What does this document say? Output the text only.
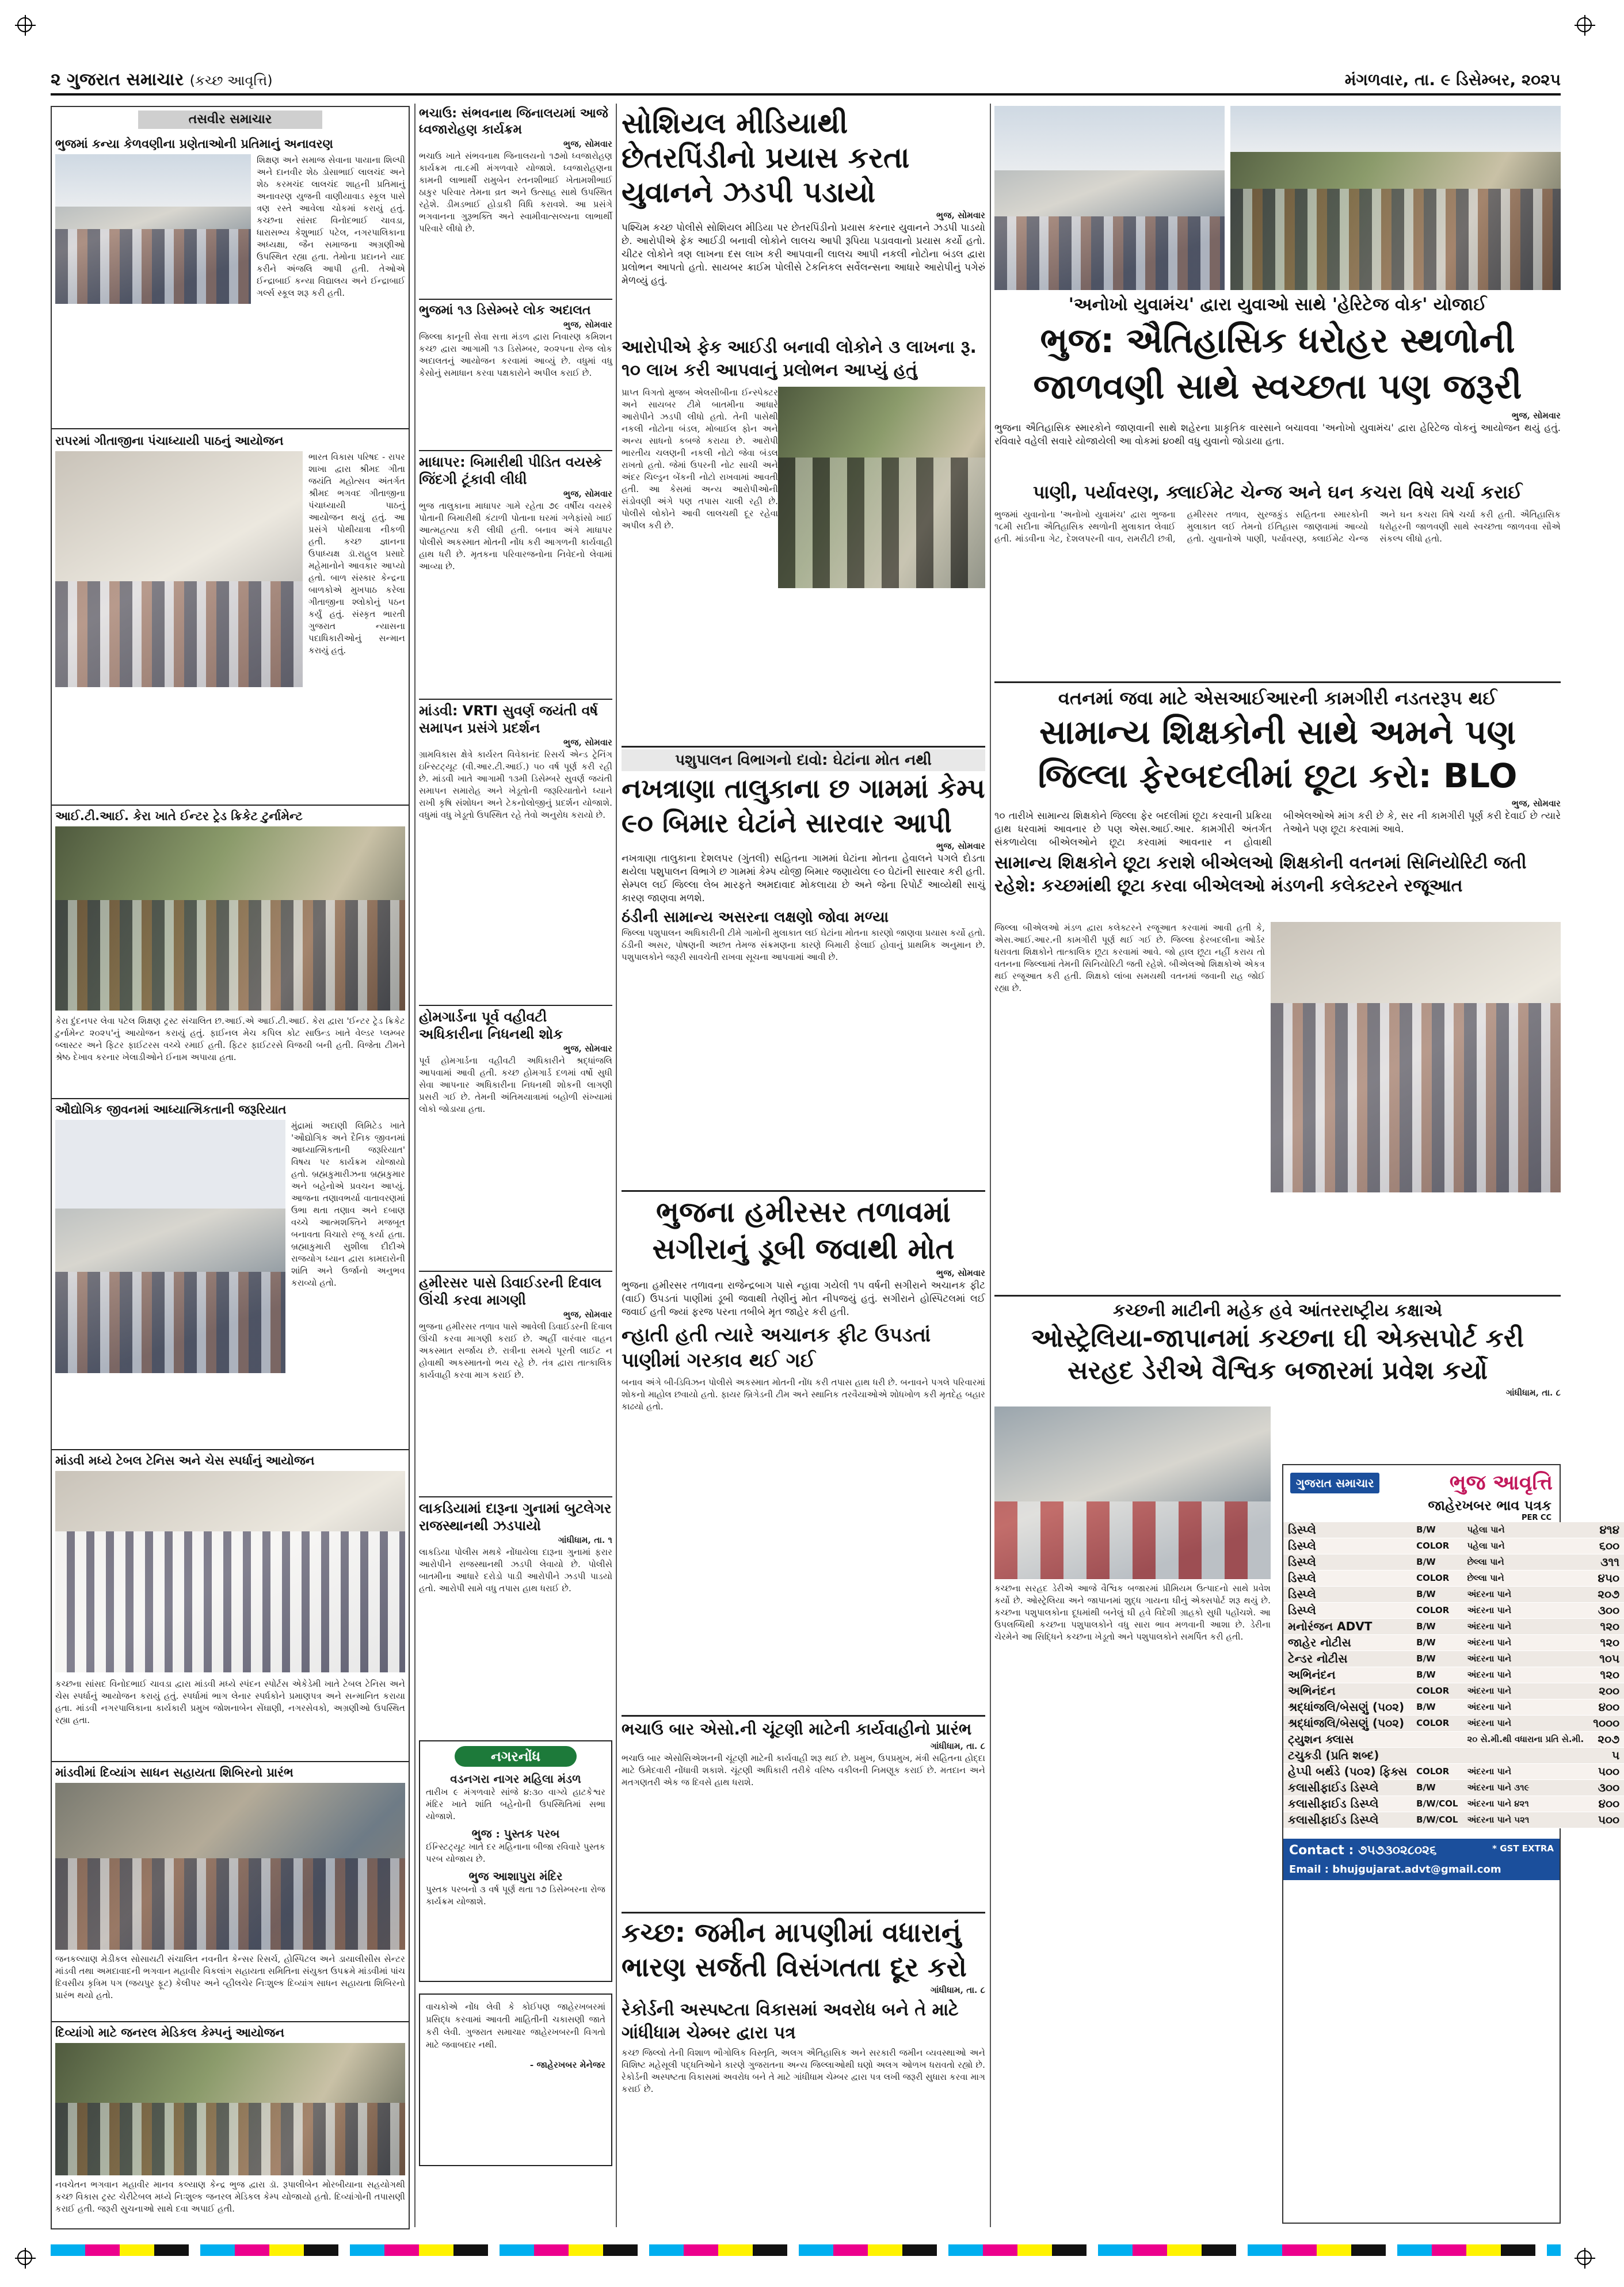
૨ ગુજરાત સમાચાર (કચ્છ આવૃત્તિ)	મંગળવાર, તા. ૯ ડિસેમ્બર, ૨૦૨૫
તસવીર સમાચાર
ભુજમાં કન્યા કેળવણીના પ્રણેતાઓની પ્રતિમાનું અનાવરણ
શિક્ષણ અને સમાજ સેવાના પાયાના શિલ્પી અને દાનવીર શેઠ ડોસાભાઈ લાલચંદ અને શેઠ કરમચંદ લાલચંદ શાહની પ્રતિમાનું અનાવરણ યુજની વાણીયાવાડ સ્કૂલ પાસે ત્રણ રસ્તે આવેલા ચોકમાં કરાયું હતું. કચ્છના સાંસદ વિનોદભાઈ ચાવડા, ધારાસભ્ય કેશુભાઈ પટેલ, નગરપાલિકાના અધ્યક્ષા, જૈન સમાજના અગ્રણીઓ ઉપસ્થિત રહ્યા હતા. તેમોના પ્રદાનને યાદ કરીને અંજલિ આપી હતી. તેઓએ ઈન્દ્રાબાઈ કન્યા વિદ્યાલય અને ઈન્દ્રાબાઈ ગર્લ્સ સ્કૂલ શરૂ કરી હતી.
રાપરમાં ગીતાજીના પંચાધ્યાયી પાઠનું આયોજન
ભારત વિકાસ પરિષદ - રાપર શાખા દ્વારા શ્રીમદ ગીતા જયંતિ મહોત્સવ અંતર્ગત શ્રીમદ ભગવદ ગીતાજીના પંચાધ્યાયી પાઠનું આયોજન થયું હતું. આ પ્રસંગે પોથીયાત્રા નીકળી હતી. કચ્છ જ્ઞાનના ઉપાધ્યક્ષ ડૉ.રાહુલ પ્રસાદે મહેમાનોને આવકાર આપ્યો હતો. બાળ સંસ્કાર કેન્દ્રના બાળકોએ મુખપાઠ કરેલા ગીતાજીના શ્લોકોનું પઠન કર્યું હતું. સંસ્કૃત ભારતી ગુજરાત ન્યાસના પદાધિકારીઓનું સન્માન કરાયું હતું.
આઈ.ટી.આઈ. કેરા ખાતે ઈન્ટર ટ્રેડ ક્રિકેટ ટુર્નામેન્ટ
કેરા દુંદનપર લેવા પટેલ શિક્ષણ ટ્રસ્ટ સંચાલિત છ.આઈ.એ આઈ.ટી.આઈ. કેરા દ્વારા 'ઈન્ટર ટ્રેડ ક્રિકેટ ટુર્નામેન્ટ ૨૦૨૫'નું આયોજન કરાયું હતું. ફાઈનલ મેચ કપિલ કોટ સાઉન્ડ ખાતે વેલ્ડર પ્લમ્બર બ્લાસ્ટર અને ફિટર ફાઈટરસ વચ્ચે રમાઈ હતી. ફિટર ફાઈટરસે વિજયી બની હતી. વિજેતા ટીમને શ્રેષ્ઠ દેખાવ કરનાર ખેલાડીઓને ઈનામ અપાયા હતા.
ઔદ્યોગિક જીવનમાં આધ્યાત્મિકતાની જરૂરિયાત
મુંદ્રામાં અદાણી લિમિટેડ ખાતે 'ઔદ્યોગિક અને દૈનિક જીવનમાં આધ્યાત્મિકતાની જરૂરિયાત' વિષય પર કાર્યક્રમ યોજાયો હતો. બ્રહ્મકુમારીઝના બ્રહ્મકુમાર અને બહેનોએ પ્રવચન આપ્યું. આજના તણાવભર્યા વાતાવરણમાં ઉભા થતા તણાવ અને દબાણ વચ્ચે આત્મશક્તિને મજબૂત બનાવતા વિચારો રજૂ કર્યા હતા. બ્રહ્માકુમારી સુશીલા દીદીએ રાજયોગ ધ્યાન દ્વારા કામદારોની શાંતિ અને ઉર્જાનો અનુભવ કરાવ્યો હતો.
માંડવી મધ્યે ટેબલ ટેનિસ અને ચેસ સ્પર્ધાનું આયોજન
કચ્છના સાંસદ વિનોદભાઈ ચાવડા દ્વારા માંડવી મધ્યે સ્પંદન સ્પોર્ટસ એકેડેમી ખાતે ટેબલ ટેનિસ અને ચેસ સ્પર્ધાનું આયોજન કરાયું હતું. સ્પર્ધામાં ભાગ લેનાર સ્પર્ધકોને પ્રમાણપત્ર અને સન્માનિત કરાયા હતા. માંડવી નગરપાલિકાના કાર્યકારી પ્રમુખ જોશનાબેન સેંઘાણી, નગરસેવકો, અગ્રણીઓ ઉપસ્થિત રહ્યા હતા.
માંડવીમાં દિવ્યાંગ સાધન સહાયતા શિબિરનો પ્રારંભ
જનકલ્યાણ મેડીકલ સોસાયટી સંચાલિત નવનીત કેન્સર રિસર્ચ, હોસ્પિટલ અને ડાયાલીસીસ સેન્ટર માંડવી તથા અમદાવાદની ભગવાન મહાવીર વિકલાંગ સહાયતા સમિતિના સંયુક્ત ઉપક્રમે માંડવીમાં પાંચ દિવસીય કૃત્રિમ પગ (જયપુર ફૂટ) કેલીપર અને વ્હીલચેર નિઃશુલ્ક દિવ્યાંગ સાધન સહાયતા શિબિરનો પ્રારંભ થયો હતો.
દિવ્યાંગો માટે જનરલ મેડિકલ કેમ્પનું આયોજન
નવચેતન ભગવાન મહાવીર માનવ કલ્યાણ કેન્દ્ર ભુજ દ્વારા ડૉ. રૂપાલીબેન મોરબીયાના સહયોગથી કચ્છ વિકાસ ટ્રસ્ટ ચેરીટેબલ મધ્યે નિઃશુલ્ક જનરલ મેડિકલ કેમ્પ યોજાયો હતો. દિવ્યાંગોની તપાસણી કરાઈ હતી. જરૂરી સુચનાઓ સાથે દવા અપાઈ હતી.
ભચાઉ: સંભવનાથ જિનાલયમાં આજે ધ્વજારોહણ કાર્યક્રમ
ભુજ, સોમવાર
ભચાઉ ખાતે સંભવનાથ જિનાલયનો ૧૭મો ધ્વજારોહણ કાર્યક્રમ તા.૯મી મંગળવારે યોજાશે. ધ્વજારોહણના કામની લાભાર્થી રામુબેન રતનશીભાઈ ખેતામશીભાઈ ઠાકુર પરિવાર તેમના વ્રત અને ઉત્સાહ સાથે ઉપસ્થિત રહેશે. ડીમડભાઈ હોડાકી વિધિ કરાવશે. આ પ્રસંગે ભગવાનના ગુરૂભક્તિ અને સ્વામીવાત્સલ્યના લાભાર્થી પરિવારે લીધો છે.
ભુજમાં ૧૩ ડિસેમ્બરે લોક અદાલત
ભુજ, સોમવાર
જિલ્લા કાનૂની સેવા સત્તા મંડળ દ્વારા નિવારણ કમિશન કચ્છ દ્વારા આગામી ૧૩ ડિસેમ્બર, ૨૦૨૫ના રોજ લોક અદાલતનું આયોજન કરવામાં આવ્યું છે. વધુમાં વધુ કેસોનું સમાધાન કરવા પક્ષકારોને અપીલ કરાઈ છે.
માધાપર: બિમારીથી પીડિત વયસ્કે જિંદગી ટૂંકાવી લીધી
ભુજ, સોમવાર
ભુજ તાલુકાના માધાપર ગામે રહેતા ૭૯ વર્ષીય વયસ્કે પોતાની બિમારીથી કંટાળી પોતાના ઘરમાં ગળેફાંસો ખાઈ આત્મહત્યા કરી લીધી હતી. બનાવ અંગે માધાપર પોલીસે અકસ્માત મોતની નોંધ કરી આગળની કાર્યવાહી હાથ ધરી છે. મૃતકના પરિવારજનોના નિવેદનો લેવામાં આવ્યા છે.
માંડવી: VRTI સુવર્ણ જયંતી વર્ષ સમાપન પ્રસંગે પ્રદર્શન
ભુજ, સોમવાર
ગ્રામવિકાસ ક્ષેત્રે કાર્યરત વિવેકાનંદ રિસર્ચ એન્ડ ટ્રેનિંગ ઇન્સ્ટિટ્યૂટ (વી.આર.ટી.આઈ.) ૫૦ વર્ષ પૂર્ણ કરી રહી છે. માંડવી ખાતે આગામી ૧૩મી ડિસેમ્બરે સુવર્ણ જયંતી સમાપન સમારોહ અને ખેડૂતોની જરૂરિયાતોને ધ્યાને રાખી કૃષિ સંશોધન અને ટેકનોલોજીનું પ્રદર્શન યોજાશે. વધુમાં વધુ ખેડૂતો ઉપસ્થિત રહે તેવો અનુરોધ કરાયો છે.
હોમગાર્ડના પૂર્વ વહીવટી અધિકારીના નિધનથી શોક
ભુજ, સોમવાર
પૂર્વ હોમગાર્ડના વહીવટી અધિકારીને શ્રદ્ધાંજલિ આપવામાં આવી હતી. કચ્છ હોમગાર્ડ દળમાં વર્ષો સુધી સેવા આપનાર અધિકારીના નિધનથી શોકની લાગણી પ્રસરી ગઈ છે. તેમની અંતિમયાત્રામાં બહોળી સંખ્યામાં લોકો જોડાયા હતા.
હમીરસર પાસે ડિવાઈડરની દિવાલ ઊંચી કરવા માગણી
ભુજ, સોમવાર
ભુજના હમીરસર તળાવ પાસે આવેલી ડિવાઈડરની દિવાલ ઊંચી કરવા માગણી કરાઈ છે. અહીં વારંવાર વાહન અકસ્માત સર્જાય છે. રાત્રીના સમયે પૂરતી લાઈટ ન હોવાથી અકસ્માતનો ભય રહે છે. તંત્ર દ્વારા તાત્કાલિક કાર્યવાહી કરવા માગ કરાઈ છે.
લાકડિયામાં દારૂના ગુનામાં બુટલેગર રાજસ્થાનથી ઝડપાયો
ગાંધીધામ, તા. ૧
લાકડિયા પોલીસ મથકે નોંધાયેલા દારૂના ગુનામાં ફરાર આરોપીને રાજસ્થાનથી ઝડપી લેવાયો છે. પોલીસે બાતમીના આધારે દરોડો પાડી આરોપીને ઝડપી પાડયો હતો. આરોપી સામે વધુ તપાસ હાથ ધરાઈ છે.
નગરનોંધ
વડનગરા નાગર મહિલા મંડળ
તારીખ ૯ મંગળવારે સાંજે ૪:૩૦ વાગ્યે હાટકેશ્વર મંદિર ખાતે શાંતિ બહેનોની ઉપસ્થિતિમાં સભા યોજાશે.
ભુજ : પુસ્તક પરબ
ઈન્સ્ટિટ્યૂટ ખાતે દર મહિનાના બીજા રવિવારે પુસ્તક પરબ યોજાય છે.
ભુજ આશાપુરા મંદિર
પુસ્તક પરબનો ૩ વર્ષ પૂર્ણ થતા ૧૭ ડિસેમ્બરના રોજ કાર્યક્રમ યોજાશે.
વાચકોએ નોંધ લેવી કે કોઈપણ જાહેરખબરમાં પ્રસિદ્ધ કરવામાં આવતી માહિતીની ચકાસણી જાતે કરી લેવી. ગુજરાત સમાચાર જાહેરખબરની વિગતો માટે જવાબદાર નથી.
- જાહેરખબર મેનેજર
સોશિયલ મીડિયાથી છેતરપિંડીનો પ્રયાસ કરતા યુવાનને ઝડપી પડાયો
ભુજ, સોમવાર
પશ્ચિમ કચ્છ પોલીસે સોશિયલ મીડિયા પર છેતરપિંડીનો પ્રયાસ કરનાર યુવાનને ઝડપી પાડયો છે. આરોપીએ ફેક આઈડી બનાવી લોકોને લાલચ આપી રૂપિયા પડાવવાનો પ્રયાસ કર્યો હતો. ચીટર લોકોને ત્રણ લાખના દસ લાખ કરી આપવાની લાલચ આપી નકલી નોટોના બંડલ દ્વારા પ્રલોભન આપતો હતો. સાયબર ક્રાઈમ પોલીસે ટેકનિકલ સર્વેલન્સના આધારે આરોપીનું પગેરું મેળવ્યું હતું.
આરોપીએ ફેક આઈડી બનાવી લોકોને ૩ લાખના રૂ. ૧૦ લાખ કરી આપવાનું પ્રલોભન આપ્યું હતું
પ્રાપ્ત વિગતો મુજબ એલસીબીના ઈન્સ્પેક્ટર અને સાયબર ટીમે બાતમીના આધારે આરોપીને ઝડપી લીધો હતો. તેની પાસેથી નકલી નોટોના બંડલ, મોબાઈલ ફોન અને અન્ય સાધનો કબજે કરાયા છે. આરોપી ભારતીય ચલણની નકલી નોટો જેવા બંડલ રાખતો હતો. જેમાં ઉપરની નોટ સાચી અને અંદર ચિલ્ડ્રન બેંકની નોટો રાખવામાં આવતી હતી. આ કેસમાં અન્ય આરોપીઓની સંડોવણી અંગે પણ તપાસ ચાલી રહી છે. પોલીસે લોકોને આવી લાલચથી દૂર રહેવા અપીલ કરી છે.
પશુપાલન વિભાગનો દાવો: ઘેટાંના મોત નથી
નખત્રાણા તાલુકાના છ ગામમાં કેમ્પ ૯૦ બિમાર ઘેટાંને સારવાર આપી
ભુજ, સોમવાર
નખત્રાણા તાલુકાના દેશલપર (ગુંતલી) સહિતના ગામમાં ઘેટાંના મોતના હેવાલને પગલે દોડતા થયેલા પશુપાલન વિભાગે છ ગામમાં કેમ્પ યોજી બિમાર જણાયેલા ૯૦ ઘેટાંની સારવાર કરી હતી. સેમ્પલ લઈ જિલ્લા લેબ મારફતે અમદાવાદ મોકલાયા છે અને જેના રિપોર્ટ આવ્યેથી સાચું કારણ જાણવા મળશે.
ઠંડીની સામાન્ય અસરના લક્ષણો જોવા મળ્યા
જિલ્લા પશુપાલન અધિકારીની ટીમે ગામોની મુલાકાત લઈ ઘેટાંના મોતના કારણો જાણવા પ્રયાસ કર્યો હતો. ઠંડીની અસર, પોષણની અછત તેમજ સંક્રમણના કારણે બિમારી ફેલાઈ હોવાનું પ્રાથમિક અનુમાન છે. પશુપાલકોને જરૂરી સાવચેતી રાખવા સૂચના આપવામાં આવી છે.
ભુજના હમીરસર તળાવમાં સગીરાનું ડૂબી જવાથી મોત
ભુજ, સોમવાર
ભુજના હમીરસર તળાવના રાજેન્દ્રબાગ પાસે ન્હાવા ગયેલી ૧૫ વર્ષની સગીરાને અચાનક ફીટ (વાઈ) ઉપડતાં પાણીમાં ડૂબી જવાથી તેણીનું મોત નીપજયું હતું. સગીરાને હોસ્પિટલમાં લઈ જવાઈ હતી જ્યાં ફરજ પરના તબીબે મૃત જાહેર કરી હતી.
ન્હાતી હતી ત્યારે અચાનક ફીટ ઉપડતાં પાણીમાં ગરકાવ થઈ ગઈ
બનાવ અંગે બી-ડિવિઝન પોલીસે અકસ્માત મોતની નોંધ કરી તપાસ હાથ ધરી છે. બનાવને પગલે પરિવારમાં શોકનો માહોલ છવાયો હતો. ફાયર બ્રિગેડની ટીમ અને સ્થાનિક તરવૈયાઓએ શોધખોળ કરી મૃતદેહ બહાર કાઢયો હતો.
ભચાઉ બાર એસો.ની ચૂંટણી માટેની કાર્યવાહીનો પ્રારંભ
ગાંધીધામ, તા. ૮
ભચાઉ બાર એસોસિએશનની ચૂંટણી માટેની કાર્યવાહી શરૂ થઈ છે. પ્રમુખ, ઉપપ્રમુખ, મંત્રી સહિતના હોદ્દા માટે ઉમેદવારી નોંધાવી શકાશે. ચૂંટણી અધિકારી તરીકે વરિષ્ઠ વકીલની નિમણૂક કરાઈ છે. મતદાન અને મતગણતરી એક જ દિવસે હાથ ધરાશે.
કચ્છ: જમીન માપણીમાં વધારાનું ભારણ સર્જતી વિસંગતતા દૂર કરો
ગાંધીધામ, તા. ૮
રેકોર્ડની અસ્પષ્ટતા વિકાસમાં અવરોધ બને તે માટે ગાંધીધામ ચેમ્બર દ્વારા પત્ર
કચ્છ જિલ્લો તેની વિશાળ ભૌગોલિક વિસ્તૃતિ, અલગ ઐતિહાસિક અને સરકારી જમીન વ્યવસ્થાઓ અને વિશિષ્ટ મહેસૂલી પદ્ધતિઓને કારણે ગુજરાતના અન્ય જિલ્લાઓથી ઘણો અલગ ઓળખ ધરાવતો રહ્યો છે. રેકોર્ડની અસ્પષ્ટતા વિકાસમાં અવરોધ બને તે માટે ગાંધીધામ ચેમ્બર દ્વારા પત્ર લખી જરૂરી સુધારા કરવા માગ કરાઈ છે.
'અનોખો યુવામંચ' દ્વારા યુવાઓ સાથે 'હેરિટેજ વોક' યોજાઈ
ભુજ: ઐતિહાસિક ધરોહર સ્થળોની જાળવણી સાથે સ્વચ્છતા પણ જરૂરી
ભુજ, સોમવાર
ભુજના ઐતિહાસિક સ્મારકોને જાણવાની સાથે શહેરના પ્રાકૃતિક વારસાને બચાવવા 'અનોખો યુવામંચ' દ્વારા હેરિટેજ વોકનું આયોજન થયું હતું. રવિવારે વહેલી સવારે યોજાયેલી આ વોકમાં ૪૦થી વધુ યુવાનો જોડાયા હતા.
પાણી, પર્યાવરણ, ક્લાઈમેટ ચેન્જ અને ઘન કચરા વિષે ચર્ચા કરાઈ
ભુજમાં યુવાનોના 'અનોખો યુવામંચ' દ્વારા ભુજના ૧૮મી સદીના ઐતિહાસિક સ્થળોની મુલાકાત લેવાઈ હતી. માંડવીના ગેટ, દેશલપરની વાવ, રામરીટી છત્રી, હમીરસર તળાવ, સુરજકુંડ સહિતના સ્મારકોની મુલાકાત લઈ તેમનો ઈતિહાસ જાણવામાં આવ્યો હતો. યુવાનોએ પાણી, પર્યાવરણ, ક્લાઈમેટ ચેન્જ અને ઘન કચરા વિષે ચર્ચા કરી હતી. ઐતિહાસિક ધરોહરની જાળવણી સાથે સ્વચ્છતા જાળવવા સૌએ સંકલ્પ લીધો હતો.
વતનમાં જવા માટે એસઆઈઆરની કામગીરી નડતરરૂપ થઈ
સામાન્ય શિક્ષકોની સાથે અમને પણ જિલ્લા ફેરબદલીમાં છૂટા કરો: BLO
ભુજ, સોમવાર
૧૦ તારીખે સામાન્ય શિક્ષકોને જિલ્લા ફેર બદલીમાં છૂટા કરવાની પ્રક્રિયા હાથ ધરવામાં આવનાર છે પણ એસ.આઈ.આર. કામગીરી અંતર્ગત સંકળાયેલા બીએલઓને છૂટા કરવામાં આવનાર ન હોવાથી બીએલઓએ માંગ કરી છે કે, સર ની કામગીરી પૂર્ણ કરી દેવાઈ છે ત્યારે તેઓને પણ છૂટા કરવામાં આવે.
સામાન્ય શિક્ષકોને છૂટા કરાશે બીએલઓ શિક્ષકોની વતનમાં સિનિયોરિટી જતી રહેશે: કચ્છમાંથી છૂટા કરવા બીએલઓ મંડળની કલેક્ટરને રજૂઆત
જિલ્લા બીએલઓ મંડળ દ્વારા કલેક્ટરને રજૂઆત કરવામાં આવી હતી કે, એસ.આઈ.આર.ની કામગીરી પૂર્ણ થઈ ગઈ છે. જિલ્લા ફેરબદલીના ઓર્ડર ધરાવતા શિક્ષકોને તાત્કાલિક છૂટા કરવામાં આવે. જો હાલ છૂટા નહીં કરાય તો વતનના જિલ્લામાં તેમની સિનિયોરિટી જતી રહેશે. બીએલઓ શિક્ષકોએ એકત્ર થઈ રજૂઆત કરી હતી. શિક્ષકો લાંબા સમયથી વતનમાં જવાની રાહ જોઈ રહ્યા છે.
કચ્છની માટીની મહેક હવે આંતરરાષ્ટ્રીય કક્ષાએ
ઓસ્ટ્રેલિયા-જાપાનમાં કચ્છના ઘી એક્સપોર્ટ કરી સરહદ ડેરીએ વૈશ્વિક બજારમાં પ્રવેશ કર્યો
ગાંધીધામ, તા. ૮
કચ્છના સરહદ ડેરીએ આજે વૈશ્વિક બજારમાં પ્રીમિયમ ઉત્પાદનો સાથે પ્રવેશ કર્યો છે. ઓસ્ટ્રેલિયા અને જાપાનમાં શુદ્ધ ગાયના ઘીનું એક્સપોર્ટ શરૂ થયું છે. કચ્છના પશુપાલકોના દૂધમાંથી બનેલું ઘી હવે વિદેશી ગ્રાહકો સુધી પહોંચશે. આ ઉપલબ્ધિથી કચ્છના પશુપાલકોને વધુ સારા ભાવ મળવાની આશા છે. ડેરીના ચેરમેને આ સિદ્ધિને કચ્છના ખેડૂતો અને પશુપાલકોને સમર્પિત કરી હતી.
ગુજરાત સમાચાર	ભુજ આવૃત્તિ
જાહેરખબર ભાવ પત્રક
PER CC
ડિસ્પ્લે	B/W	પહેલા પાને	૪૧૪
ડિસ્પ્લે	COLOR	પહેલા પાને	૬૦૦
ડિસ્પ્લે	B/W	છેલ્લા પાને	૩૧૧
ડિસ્પ્લે	COLOR	છેલ્લા પાને	૪૫૦
ડિસ્પ્લે	B/W	અંદરના પાને	૨૦૭
ડિસ્પ્લે	COLOR	અંદરના પાને	૩૦૦
મનોરંજન ADVT	B/W	અંદરના પાને	૧૨૦
જાહેર નોટીસ	B/W	અંદરના પાને	૧૨૦
ટેન્ડર નોટીસ	B/W	અંદરના પાને	૧૦૫
અભિનંદન	B/W	અંદરના પાને	૧૨૦
અભિનંદન	COLOR	અંદરના પાને	૨૦૦
શ્રદ્ધાંજલિ/બેસણું (૫૦૨)	B/W	અંદરના પાને	૪૦૦
શ્રદ્ધાંજલિ/બેસણું (૫૦૨)	COLOR	અંદરના પાને	૧૦૦૦
ટ્યુશન ક્લાસ		૨૦ સે.મી.થી વધારાના પ્રતિ સે.મી.	૨૦૭
ટચુકડી (પ્રતિ શબ્દ)			૫
હેપ્પી બર્થડે (પ૦૨) ફિક્સ	COLOR	અંદરના પાને	૫૦૦
કલાસીફાઈડ ડિસ્પ્લે	B/W	અંદરના પાને ૩૧૯	૩૦૦
કલાસીફાઈડ ડિસ્પ્લે	B/W/COL	અંદરના પાને ૪૨૧	૪૦૦
કલાસીફાઈડ ડિસ્પ્લે	B/W/COL	અંદરના પાને ૫૨૧	૫૦૦
Contact : ૭૫૭૩૦૨૮૦૨૬	* GST EXTRA
Email : bhujgujarat.advt@gmail.com
